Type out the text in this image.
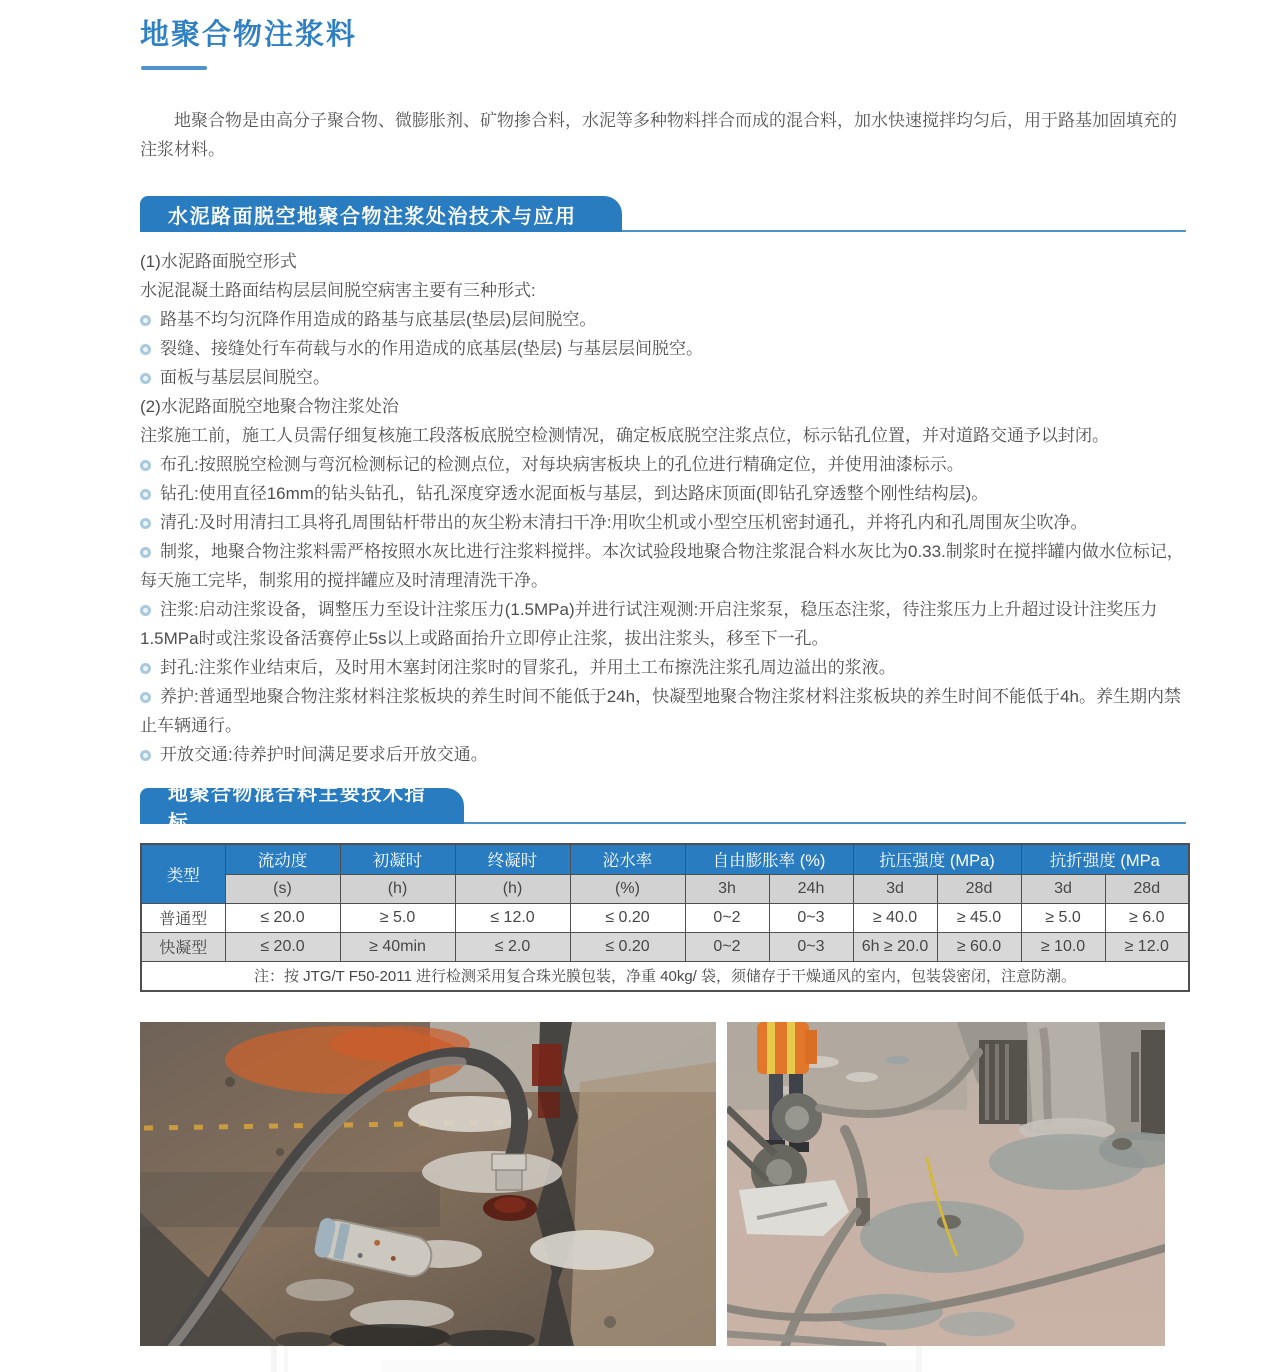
地聚合物注浆料

地聚合物是由高分子聚合物、微膨胀剂、矿物掺合料，水泥等多种物料拌合而成的混合料，加水快速搅拌均匀后，用于路基加固填充的注浆材料。

水泥路面脱空地聚合物注浆处治技术与应用
(1)水泥路面脱空形式
水泥混凝土路面结构层层间脱空病害主要有三种形式:
路基不均匀沉降作用造成的路基与底基层(垫层)层间脱空。
裂缝、接缝处行车荷载与水的作用造成的底基层(垫层) 与基层层间脱空。
面板与基层层间脱空。
(2)水泥路面脱空地聚合物注浆处治
注浆施工前，施工人员需仔细复核施工段落板底脱空检测情况，确定板底脱空注浆点位，标示钻孔位置，并对道路交通予以封闭。
布孔:按照脱空检测与弯沉检测标记的检测点位，对每块病害板块上的孔位进行精确定位，并使用油漆标示。
钻孔:使用直径16mm的钻头钻孔，钻孔深度穿透水泥面板与基层，到达路床顶面(即钻孔穿透整个刚性结构层)。
清孔:及时用清扫工具将孔周围钻杆带出的灰尘粉末清扫干净:用吹尘机或小型空压机密封通孔，并将孔内和孔周围灰尘吹净。
制浆，地聚合物注浆料需严格按照水灰比进行注浆料搅拌。本次试验段地聚合物注浆混合料水灰比为0.33.制浆时在搅拌罐内做水位标记，每天施工完毕，制浆用的搅拌罐应及时清理清洗干净。
注浆:启动注浆设备，调整压力至设计注浆压力(1.5MPa)并进行试注观测:开启注浆泵，稳压态注浆，待注浆压力上升超过设计注奖压力1.5MPa时或注浆设备活赛停止5s以上或路面抬升立即停止注浆，拔出注浆头，移至下一孔。
封孔:注浆作业结束后，及时用木塞封闭注浆时的冒浆孔，并用土工布擦洗注浆孔周边溢出的浆液。
养护:普通型地聚合物注浆材料注浆板块的养生时间不能低于24h，快凝型地聚合物注浆材料注浆板块的养生时间不能低于4h。养生期内禁止车辆通行。
开放交通:待养护时间满足要求后开放交通。
地聚合物混合料主要技术指标
类型	流动度	初凝时	终凝时	泌水率	自由膨胀率 (%)		抗压强度 (MPa)		抗折强度 (MPa	
	(s)	(h)	(h)	(%)	3h	24h	3d	28d	3d	28d
普通型	≤ 20.0	≥ 5.0	≤ 12.0	≤ 0.20	0~2	0~3	≥ 40.0	≥ 45.0	≥ 5.0	≥ 6.0
快凝型	≤ 20.0	≥ 40min	≤ 2.0	≤ 0.20	0~2	0~3	6h ≥ 20.0	≥ 60.0	≥ 10.0	≥ 12.0
注：按 JTG/T F50-2011 进行检测采用复合珠光膜包装，净重 40kg/ 袋，须储存于干燥通风的室内，包装袋密闭，注意防潮。										
